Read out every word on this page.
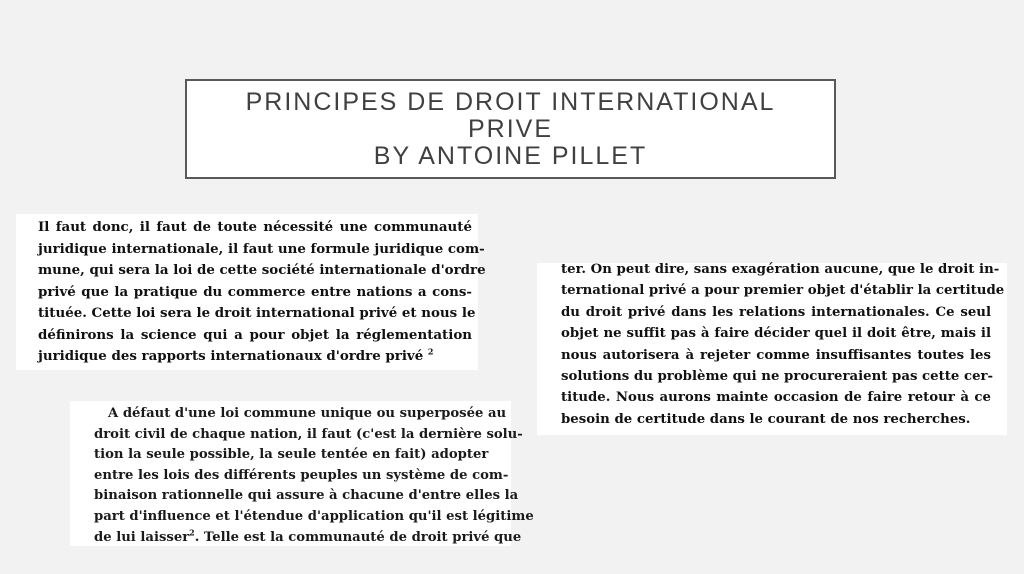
PRINCIPES DE DROIT INTERNATIONAL
PRIVE
BY ANTOINE PILLET
Il faut donc, il faut de toute nécessité une communauté
juridique internationale, il faut une formule juridique com-
mune, qui sera la loi de cette société internationale d'ordre
privé que la pratique du commerce entre nations a cons-
tituée. Cette loi sera le droit international privé et nous le
définirons la science qui a pour objet la réglementation
juridique des rapports internationaux d'ordre privé $^2$
A défaut d'une loi commune unique ou superposée au
droit civil de chaque nation, il faut (c'est la dernière solu-
tion la seule possible, la seule tentée en fait) adopter
entre les lois des différents peuples un système de com-
binaison rationnelle qui assure à chacune d'entre elles la
part d'influence et l'étendue d'application qu'il est légitime
de lui laisser$^2$. Telle est la communauté de droit privé que
ter. On peut dire, sans exagération aucune, que le droit in-
ternational privé a pour premier objet d'établir la certitude
du droit privé dans les relations internationales. Ce seul
objet ne suffit pas à faire décider quel il doit être, mais il
nous autorisera à rejeter comme insuffisantes toutes les
solutions du problème qui ne procureraient pas cette cer-
titude. Nous aurons mainte occasion de faire retour à ce
besoin de certitude dans le courant de nos recherches.
